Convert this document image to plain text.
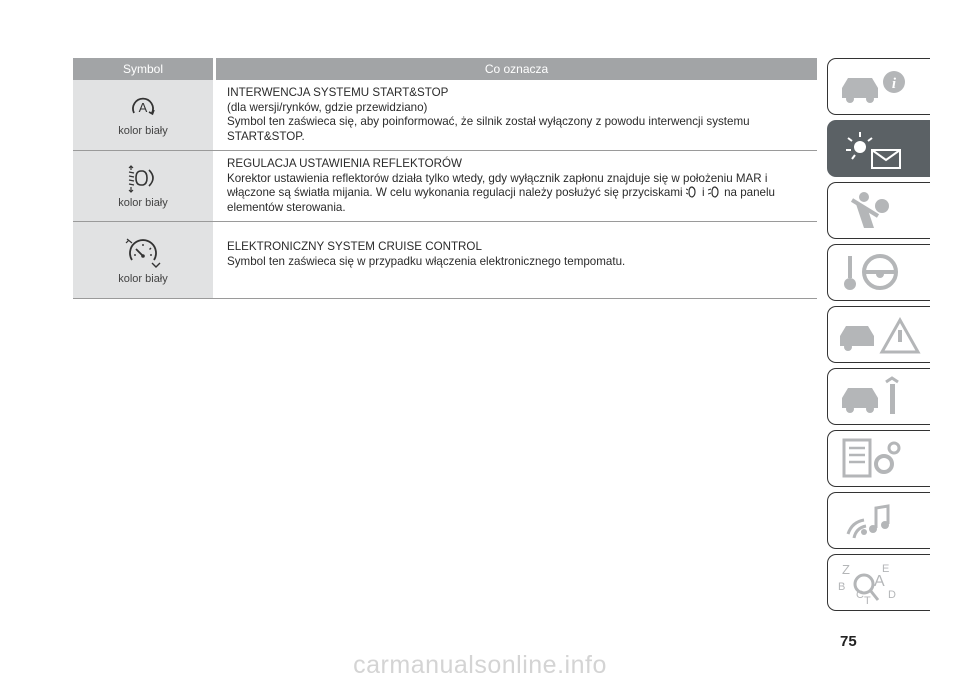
Symbol	Co oznacza
A
kolor biały
INTERWENCJA SYSTEMU START&STOP
(dla wersji/rynków, gdzie przewidziano)
Symbol ten zaświeca się, aby poinformować, że silnik został wyłączony z powodu interwencji systemu START&STOP.
kolor biały
REGULACJA USTAWIENIA REFLEKTORÓW
Korektor ustawienia reflektorów działa tylko wtedy, gdy wyłącznik zapłonu znajduje się w położeniu MAR i włączone są światła mijania. W celu wykonania regulacji należy posłużyć się przyciskami i na panelu elementów sterowania.
kolor biały
ELEKTRONICZNY SYSTEM CRUISE CONTROL
Symbol ten zaświeca się w przypadku włączenia elektronicznego tempomatu.
i
Z	E
B A
C D
T
75
carmanualsonline.info
